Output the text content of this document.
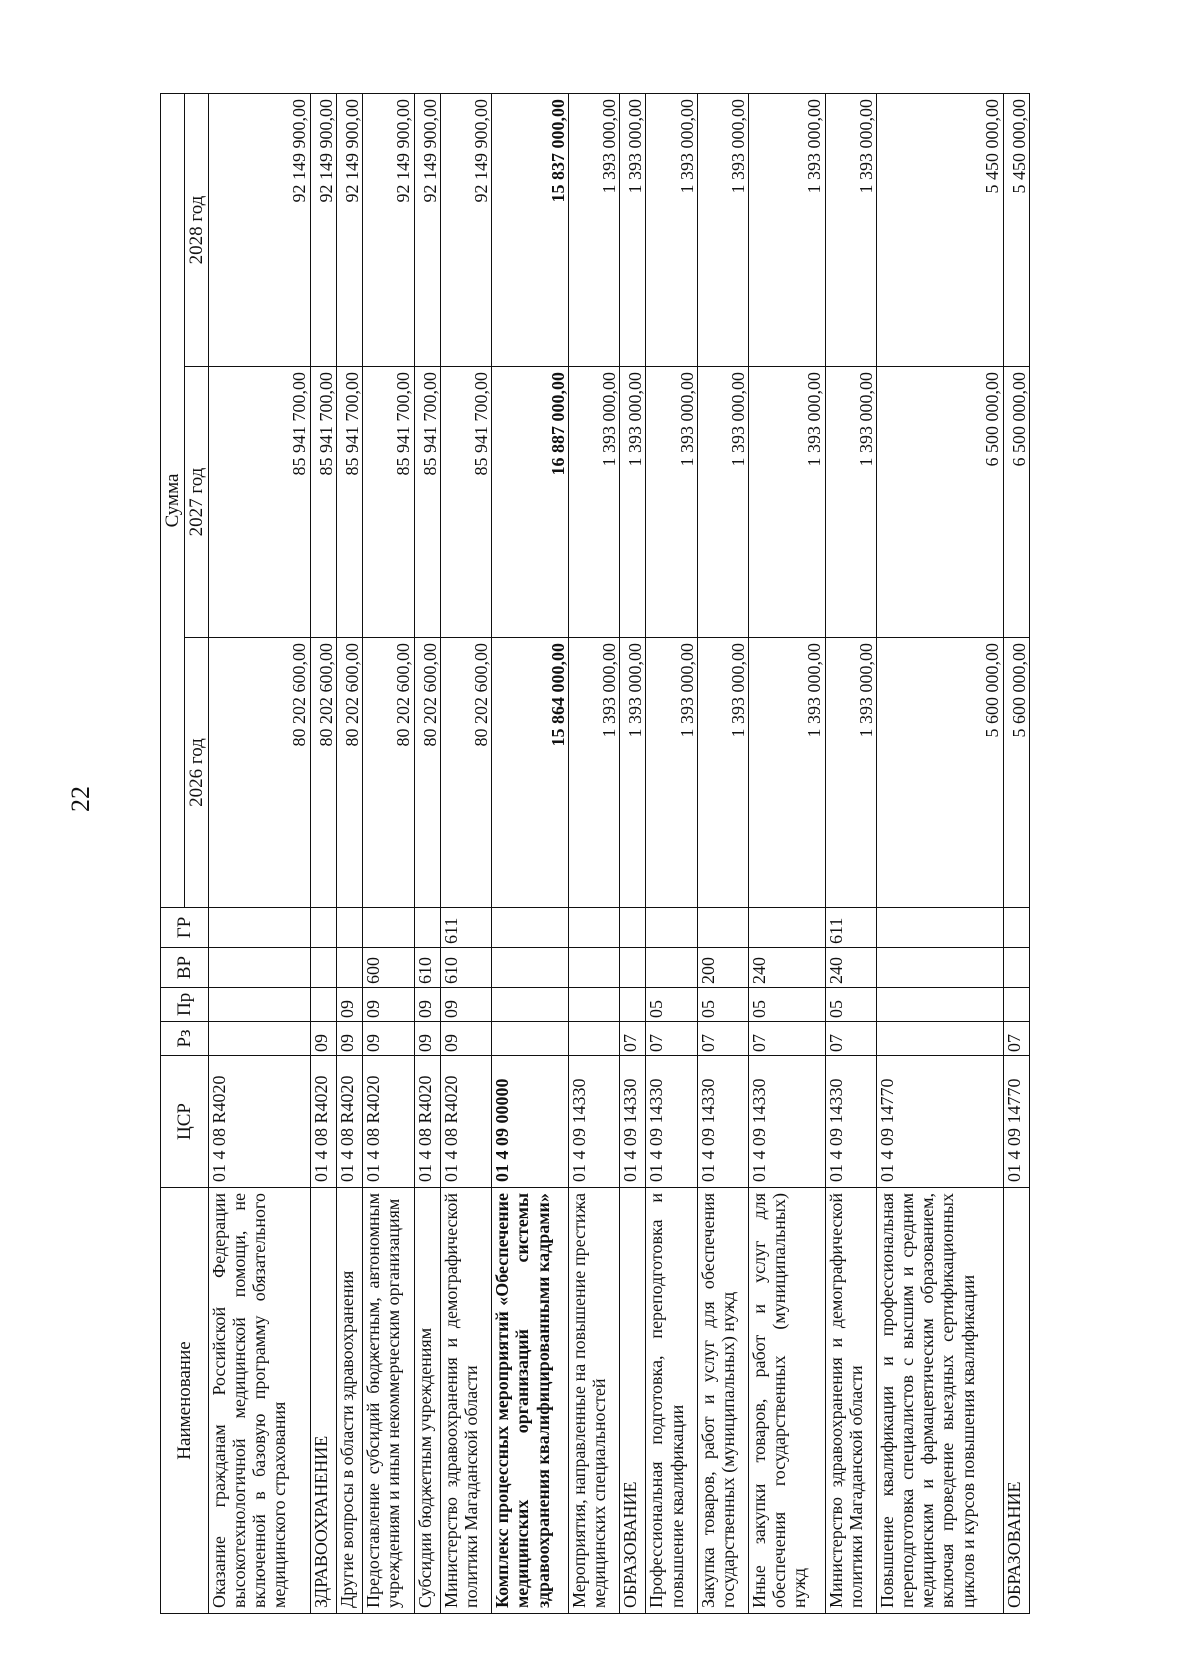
22
Наименование	ЦСР	Рз	Пр	ВР	ГР	Сумма		
						2026 год	2027 год	2028 год
Оказание гражданам Российской Федерации высокотехнологичной медицинской помощи, не включенной в базовую программу обязательного медицинского страхования	01 4 08 R4020					80 202 600,00	85 941 700,00	92 149 900,00
ЗДРАВООХРАНЕНИЕ	01 4 08 R4020	09				80 202 600,00	85 941 700,00	92 149 900,00
Другие вопросы в области здравоохранения	01 4 08 R4020	09	09			80 202 600,00	85 941 700,00	92 149 900,00
Предоставление субсидий бюджетным, автономным учреждениям и иным некоммерческим организациям	01 4 08 R4020	09	09	600		80 202 600,00	85 941 700,00	92 149 900,00
Субсидии бюджетным учреждениям	01 4 08 R4020	09	09	610		80 202 600,00	85 941 700,00	92 149 900,00
Министерство здравоохранения и демографической политики Магаданской области	01 4 08 R4020	09	09	610	611	80 202 600,00	85 941 700,00	92 149 900,00
Комплекс процессных мероприятий «Обеспечение медицинских организаций системы здравоохранения квалифицированными кадрами»	01 4 09 00000					15 864 000,00	16 887 000,00	15 837 000,00
Мероприятия, направленные на повышение престижа медицинских специальностей	01 4 09 14330					1 393 000,00	1 393 000,00	1 393 000,00
ОБРАЗОВАНИЕ	01 4 09 14330	07				1 393 000,00	1 393 000,00	1 393 000,00
Профессиональная подготовка, переподготовка и повышение квалификации	01 4 09 14330	07	05			1 393 000,00	1 393 000,00	1 393 000,00
Закупка товаров, работ и услуг для обеспечения государственных (муниципальных) нужд	01 4 09 14330	07	05	200		1 393 000,00	1 393 000,00	1 393 000,00
Иные закупки товаров, работ и услуг для обеспечения государственных (муниципальных) нужд	01 4 09 14330	07	05	240		1 393 000,00	1 393 000,00	1 393 000,00
Министерство здравоохранения и демографической политики Магаданской области	01 4 09 14330	07	05	240	611	1 393 000,00	1 393 000,00	1 393 000,00
Повышение квалификации и профессиональная переподготовка специалистов с высшим и средним медицинским и фармацевтическим образованием, включая проведение выездных сертификационных циклов и курсов повышения квалификации	01 4 09 14770					5 600 000,00	6 500 000,00	5 450 000,00
ОБРАЗОВАНИЕ	01 4 09 14770	07				5 600 000,00	6 500 000,00	5 450 000,00
